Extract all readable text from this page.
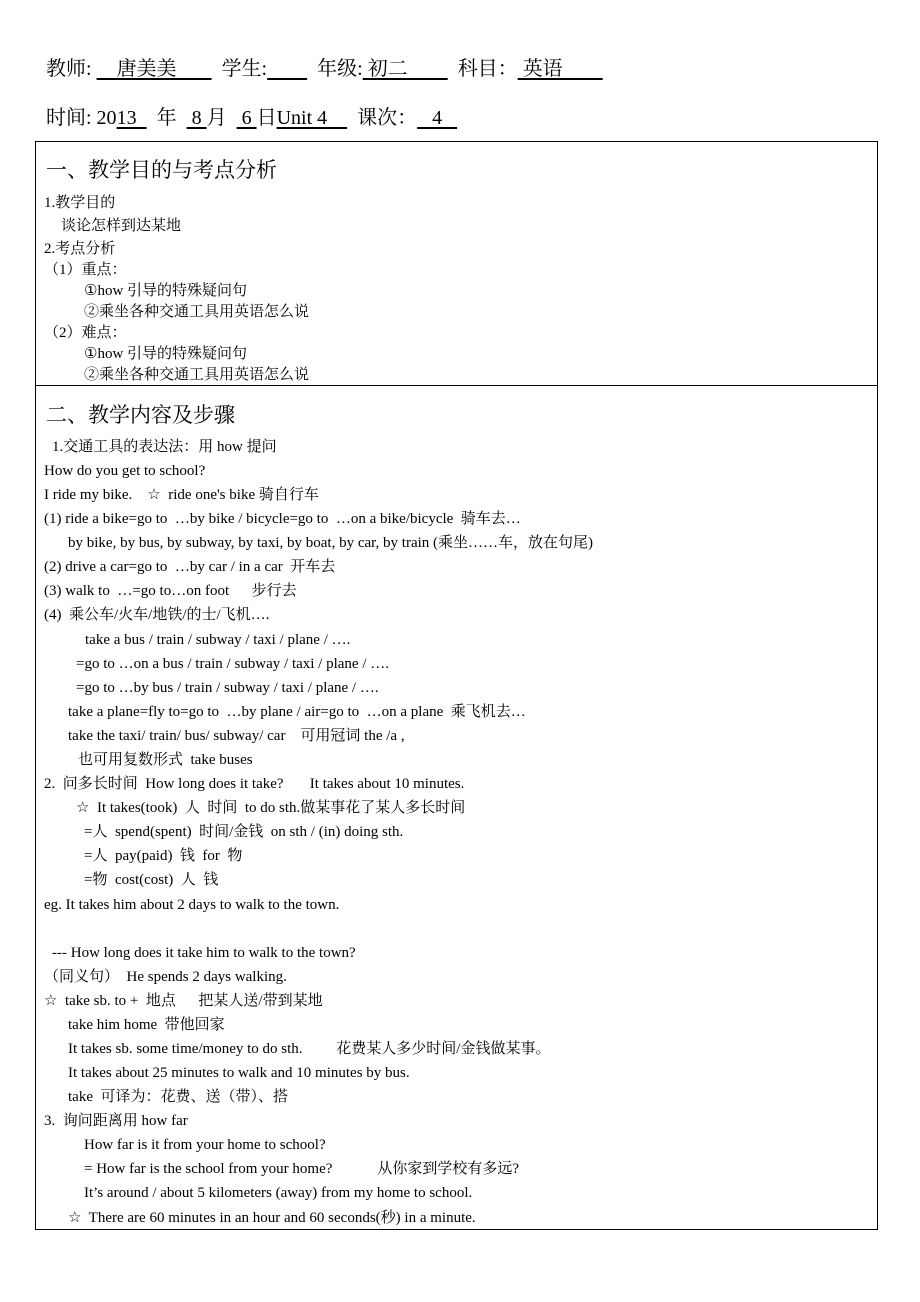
教师:     唐美美         学生:	年级: 初二          科目： 英语
时间: 2013    年   8 月   6 日Unit 4      课次：   4
一、教学目的与考点分析
1.教学目的
谈论怎样到达某地
2.考点分析
（1）重点：
①how 引导的特殊疑问句
②乘坐各种交通工具用英语怎么说
（2）难点：
①how 引导的特殊疑问句
②乘坐各种交通工具用英语怎么说
二、教学内容及步骤
1.交通工具的表达法：用 how 提问
How do you get to school?
I ride my bike.    ☆  ride one's bike 骑自行车
(1) ride a bike=go to  …by bike / bicycle=go to  …on a bike/bicycle  骑车去…
by bike, by bus, by subway, by taxi, by boat, by car, by train (乘坐……车，放在句尾)
(2) drive a car=go to  …by car / in a car  开车去
(3) walk to  …=go to…on foot      步行去
(4)  乘公车/火车/地铁/的士/飞机….
take a bus / train / subway / taxi / plane / ….
=go to …on a bus / train / subway / taxi / plane / ….
=go to …by bus / train / subway / taxi / plane / ….
take a plane=fly to=go to  …by plane / air=go to  …on a plane  乘飞机去…
take the taxi/ train/ bus/ subway/ car    可用冠词 the /a ,
也可用复数形式  take buses
2.  问多长时间  How long does it take?       It takes about 10 minutes.
☆  It takes(took)  人  时间  to do sth.做某事花了某人多长时间
=人  spend(spent)  时间/金钱  on sth / (in) doing sth.
=人  pay(paid)  钱  for  物
=物  cost(cost)  人  钱
eg. It takes him about 2 days to walk to the town.
--- How long does it take him to walk to the town?
（同义句）  He spends 2 days walking.
☆  take sb. to +  地点      把某人送/带到某地
take him home  带他回家
It takes sb. some time/money to do sth.         花费某人多少时间/金钱做某事。
It takes about 25 minutes to walk and 10 minutes by bus.
take  可译为：花费、送（带）、搭
3.  询问距离用 how far
How far is it from your home to school?
= How far is the school from your home?            从你家到学校有多远?
It’s around / about 5 kilometers (away) from my home to school.
☆  There are 60 minutes in an hour and 60 seconds(秒) in a minute.
